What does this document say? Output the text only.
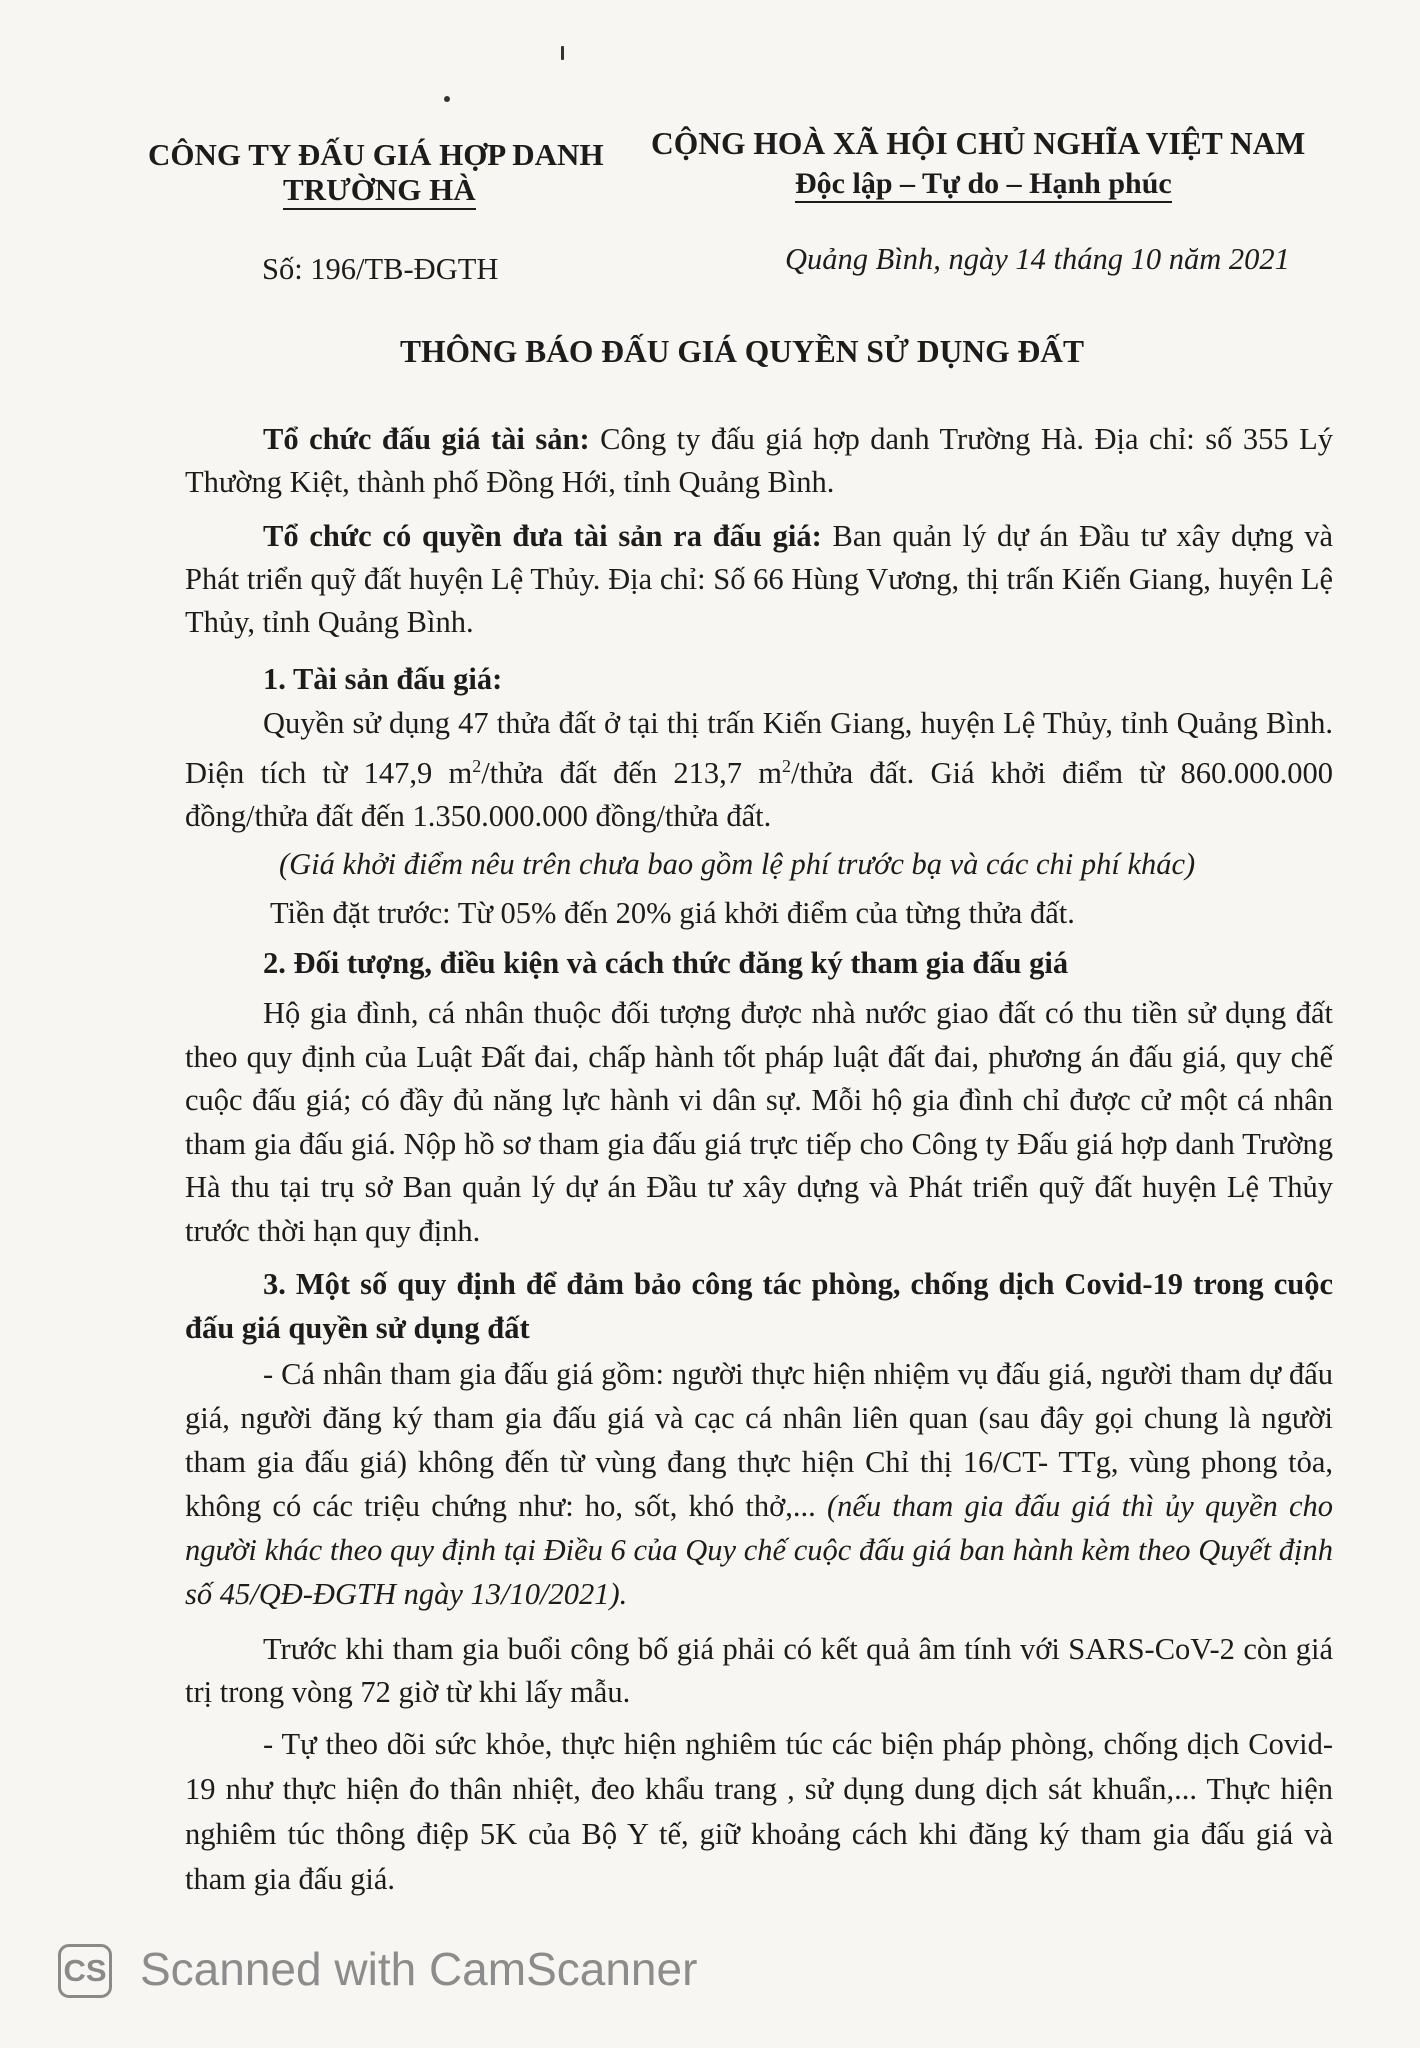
CÔNG TY ĐẤU GIÁ HỢP DANH
TRƯỜNG HÀ
CỘNG HOÀ XÃ HỘI CHỦ NGHĨA VIỆT NAM
Độc lập – Tự do – Hạnh phúc
Số: 196/TB-ĐGTH	Quảng Bình, ngày 14 tháng 10 năm 2021
THÔNG BÁO ĐẤU GIÁ QUYỀN SỬ DỤNG ĐẤT
Tổ chức đấu giá tài sản: Công ty đấu giá hợp danh Trường Hà. Địa chỉ: số 355 Lý Thường Kiệt, thành phố Đồng Hới, tỉnh Quảng Bình.
Tổ chức có quyền đưa tài sản ra đấu giá: Ban quản lý dự án Đầu tư xây dựng và Phát triển quỹ đất huyện Lệ Thủy. Địa chỉ: Số 66 Hùng Vương, thị trấn Kiến Giang, huyện Lệ Thủy, tỉnh Quảng Bình.
1. Tài sản đấu giá:
Quyền sử dụng 47 thửa đất ở tại thị trấn Kiến Giang, huyện Lệ Thủy, tỉnh Quảng Bình. Diện tích từ 147,9 $m^2$/thửa đất đến 213,7 $m^2$/thửa đất. Giá khởi điểm từ 860.000.000 đồng/thửa đất đến 1.350.000.000 đồng/thửa đất.
(Giá khởi điểm nêu trên chưa bao gồm lệ phí trước bạ và các chi phí khác)
Tiền đặt trước: Từ 05% đến 20% giá khởi điểm của từng thửa đất.
2. Đối tượng, điều kiện và cách thức đăng ký tham gia đấu giá
Hộ gia đình, cá nhân thuộc đối tượng được nhà nước giao đất có thu tiền sử dụng đất theo quy định của Luật Đất đai, chấp hành tốt pháp luật đất đai, phương án đấu giá, quy chế cuộc đấu giá; có đầy đủ năng lực hành vi dân sự. Mỗi hộ gia đình chỉ được cử một cá nhân tham gia đấu giá. Nộp hồ sơ tham gia đấu giá trực tiếp cho Công ty Đấu giá hợp danh Trường Hà thu tại trụ sở Ban quản lý dự án Đầu tư xây dựng và Phát triển quỹ đất huyện Lệ Thủy trước thời hạn quy định.
3. Một số quy định để đảm bảo công tác phòng, chống dịch Covid-19 trong cuộc đấu giá quyền sử dụng đất
- Cá nhân tham gia đấu giá gồm: người thực hiện nhiệm vụ đấu giá, người tham dự đấu giá, người đăng ký tham gia đấu giá và cạc cá nhân liên quan (sau đây gọi chung là người tham gia đấu giá) không đến từ vùng đang thực hiện Chỉ thị 16/CT- TTg, vùng phong tỏa, không có các triệu chứng như: ho, sốt, khó thở,... (nếu tham gia đấu giá thì ủy quyền cho người khác theo quy định tại Điều 6 của Quy chế cuộc đấu giá ban hành kèm theo Quyết định số 45/QĐ-ĐGTH ngày 13/10/2021).
Trước khi tham gia buổi công bố giá phải có kết quả âm tính với SARS-CoV-2 còn giá trị trong vòng 72 giờ từ khi lấy mẫu.
- Tự theo dõi sức khỏe, thực hiện nghiêm túc các biện pháp phòng, chống dịch Covid-19 như thực hiện đo thân nhiệt, đeo khẩu trang , sử dụng dung dịch sát khuẩn,... Thực hiện nghiêm túc thông điệp 5K của Bộ Y tế, giữ khoảng cách khi đăng ký tham gia đấu giá và tham gia đấu giá.
CS Scanned with CamScanner
